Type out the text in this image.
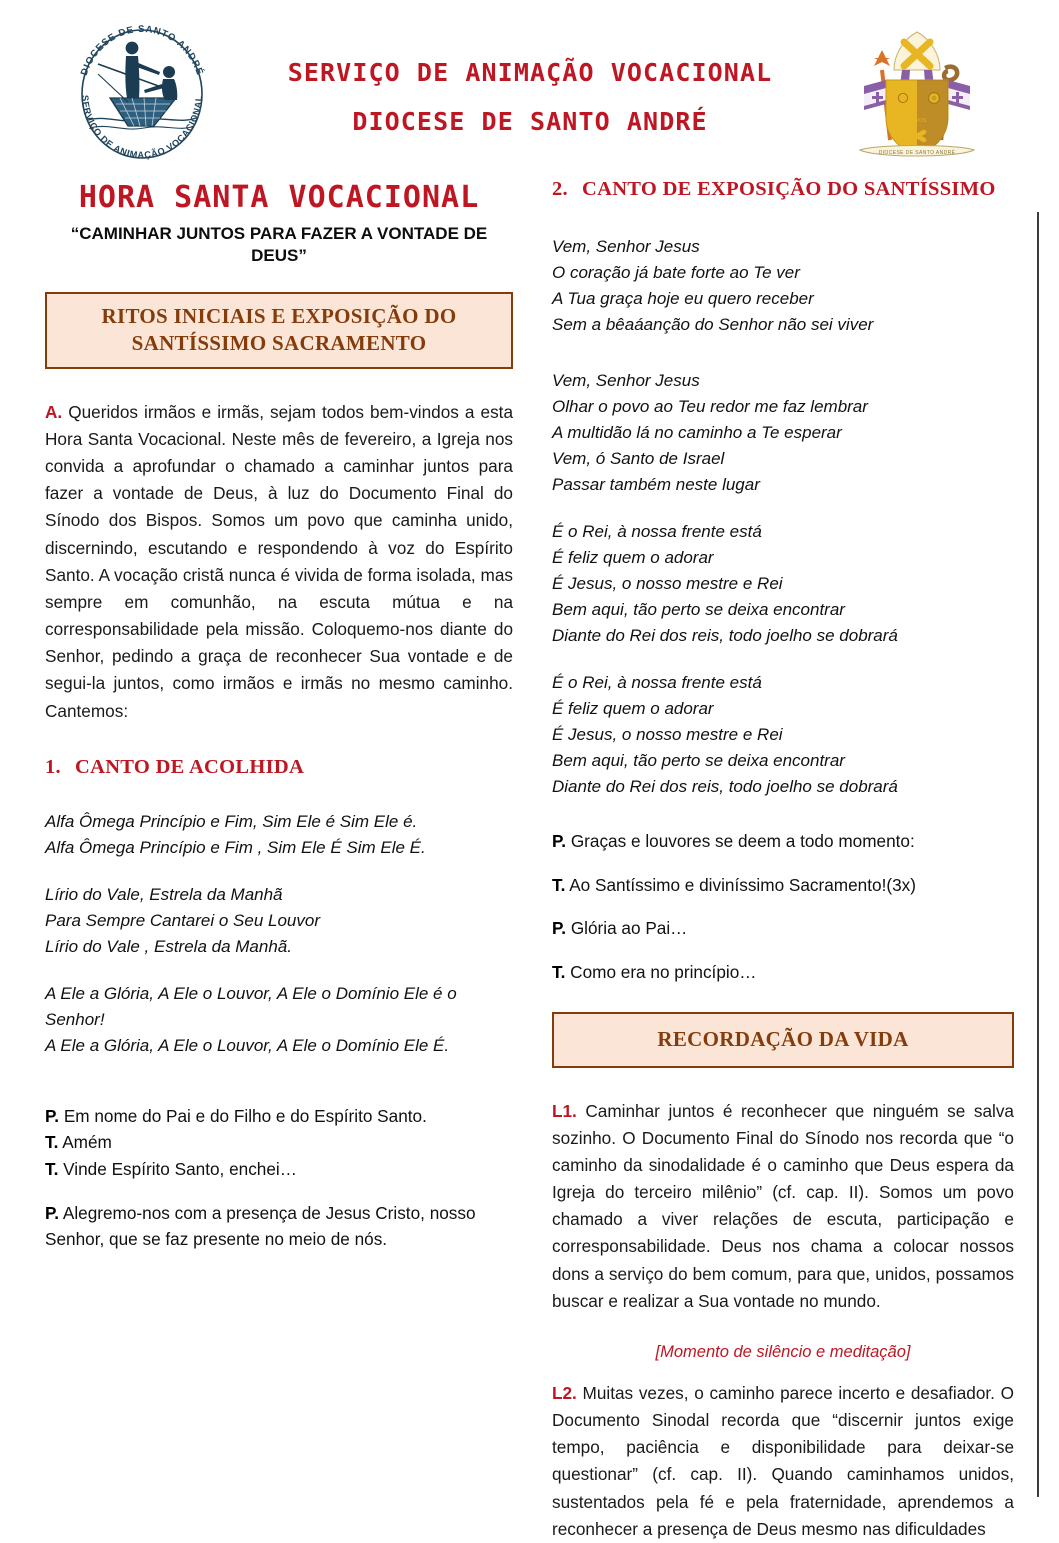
DIOCESE DE SANTO ANDRÉ
SERVIÇO DE ANIMAÇÃO VOCACIONAL
SERVIÇO DE ANIMAÇÃO VOCACIONAL
DIOCESE DE SANTO ANDRÉ	ET VOS
DIOCESE DE SANTO ANDRÉ
HORA SANTA VOCACIONAL
“CAMINHAR JUNTOS PARA FAZER A VONTADE DE DEUS”
RITOS INICIAIS E EXPOSIÇÃO DO SANTÍSSIMO SACRAMENTO

A. Queridos irmãos e irmãs, sejam todos bem-vindos a esta Hora Santa Vocacional. Neste mês de fevereiro, a Igreja nos convida a aprofundar o chamado a caminhar juntos para fazer a vontade de Deus, à luz do Documento Final do Sínodo dos Bispos. Somos um povo que caminha unido, discernindo, escutando e respondendo à voz do Espírito Santo. A vocação cristã nunca é vivida de forma isolada, mas sempre em comunhão, na escuta mútua e na corresponsabilidade pela missão. Coloquemo-nos diante do Senhor, pedindo a graça de reconhecer Sua vontade e de segui-la juntos, como irmãos e irmãs no mesmo caminho. Cantemos:

1. CANTO DE ACOLHIDA
Alfa Ômega Princípio e Fim, Sim Ele é Sim Ele é.
Alfa Ômega Princípio e Fim , Sim Ele É Sim Ele É.
Lírio do Vale, Estrela da Manhã
Para Sempre Cantarei o Seu Louvor
Lírio do Vale , Estrela da Manhã.
A Ele a Glória, A Ele o Louvor, A Ele o Domínio Ele é o Senhor!
A Ele a Glória, A Ele o Louvor, A Ele o Domínio Ele É.

P. Em nome do Pai e do Filho e do Espírito Santo.

T. Amém

T. Vinde Espírito Santo, enchei…

P. Alegremo-nos com a presença de Jesus Cristo, nosso Senhor, que se faz presente no meio de nós.

2. CANTO DE EXPOSIÇÃO DO SANTÍSSIMO
Vem, Senhor Jesus
O coração já bate forte ao Te ver
A Tua graça hoje eu quero receber
Sem a bêaáanção do Senhor não sei viver
Vem, Senhor Jesus
Olhar o povo ao Teu redor me faz lembrar
A multidão lá no caminho a Te esperar
Vem, ó Santo de Israel
Passar também neste lugar
É o Rei, à nossa frente está
É feliz quem o adorar
É Jesus, o nosso mestre e Rei
Bem aqui, tão perto se deixa encontrar
Diante do Rei dos reis, todo joelho se dobrará
É o Rei, à nossa frente está
É feliz quem o adorar
É Jesus, o nosso mestre e Rei
Bem aqui, tão perto se deixa encontrar
Diante do Rei dos reis, todo joelho se dobrará

P. Graças e louvores se deem a todo momento:

T. Ao Santíssimo e diviníssimo Sacramento!(3x)

P. Glória ao Pai…

T. Como era no princípio…

RECORDAÇÃO DA VIDA

L1. Caminhar juntos é reconhecer que ninguém se salva sozinho. O Documento Final do Sínodo nos recorda que “o caminho da sinodalidade é o caminho que Deus espera da Igreja do terceiro milênio” (cf. cap. II). Somos um povo chamado a viver relações de escuta, participação e corresponsabilidade. Deus nos chama a colocar nossos dons a serviço do bem comum, para que, unidos, possamos buscar e realizar a Sua vontade no mundo.

[Momento de silêncio e meditação]

L2. Muitas vezes, o caminho parece incerto e desafiador. O Documento Sinodal recorda que “discernir juntos exige tempo, paciência e disponibilidade para deixar-se questionar” (cf. cap. II). Quando caminhamos unidos, sustentados pela fé e pela fraternidade, aprendemos a reconhecer a presença de Deus mesmo nas dificuldades
